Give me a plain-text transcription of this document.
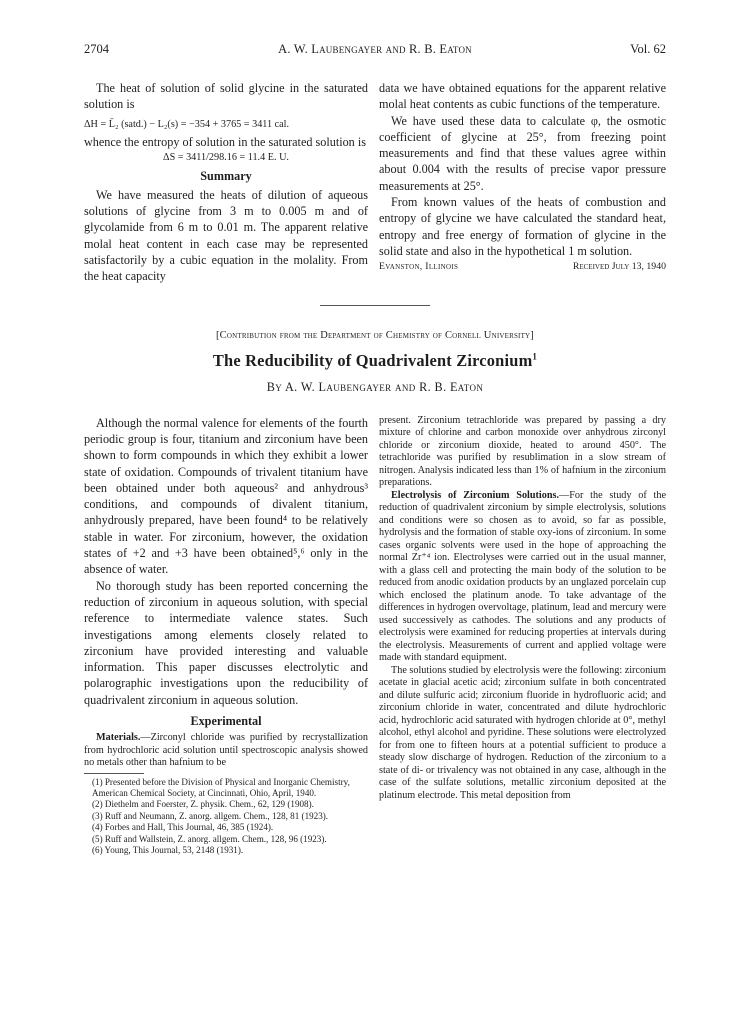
2704	A. W. Laubengayer and R. B. Eaton	Vol. 62

The heat of solution of solid glycine in the saturated solution is

ΔH = L̄₂ (satd.) − L₂(s) = −354 + 3765 = 3411 cal.

whence the entropy of solution in the saturated solution is

ΔS = 3411/298.16 = 11.4 E. U.
Summary

We have measured the heats of dilution of aqueous solutions of glycine from 3 m to 0.005 m and of glycolamide from 6 m to 0.01 m. The apparent relative molal heat content in each case may be represented satisfactorily by a cubic equation in the molality. From the heat capacity

data we have obtained equations for the apparent relative molal heat contents as cubic functions of the temperature.

We have used these data to calculate φ, the osmotic coefficient of glycine at 25°, from freezing point measurements and find that these values agree within about 0.004 with the results of precise vapor pressure measurements at 25°.

From known values of the heats of combustion and entropy of glycine we have calculated the standard heat, entropy and free energy of formation of glycine in the solid state and also in the hypothetical 1 m solution.

Evanston, Illinois	Received July 13, 1940
[Contribution from the Department of Chemistry of Cornell University]
The Reducibility of Quadrivalent Zirconium$^1$
By A. W. Laubengayer and R. B. Eaton

Although the normal valence for elements of the fourth periodic group is four, titanium and zirconium have been shown to form compounds in which they exhibit a lower state of oxidation. Compounds of trivalent titanium have been obtained under both aqueous² and anhydrous³ conditions, and compounds of divalent titanium, anhydrously prepared, have been found⁴ to be relatively stable in water. For zirconium, however, the oxidation states of +2 and +3 have been obtained⁵,⁶ only in the absence of water.

No thorough study has been reported concerning the reduction of zirconium in aqueous solution, with special reference to intermediate valence states. Such investigations among elements closely related to zirconium have provided interesting and valuable information. This paper discusses electrolytic and polarographic investigations upon the reducibility of quadrivalent zirconium in aqueous solution.

Experimental

Materials.—Zirconyl chloride was purified by recrystallization from hydrochloric acid solution until spectroscopic analysis showed no metals other than hafnium to be

(1) Presented before the Division of Physical and Inorganic Chemistry, American Chemical Society, at Cincinnati, Ohio, April, 1940.
(2) Diethelm and Foerster, Z. physik. Chem., 62, 129 (1908).
(3) Ruff and Neumann, Z. anorg. allgem. Chem., 128, 81 (1923).
(4) Forbes and Hall, This Journal, 46, 385 (1924).
(5) Ruff and Wallstein, Z. anorg. allgem. Chem., 128, 96 (1923).
(6) Young, This Journal, 53, 2148 (1931).

present. Zirconium tetrachloride was prepared by passing a dry mixture of chlorine and carbon monoxide over anhydrous zirconyl chloride or zirconium dioxide, heated to around 450°. The tetrachloride was purified by resublimation in a slow stream of nitrogen. Analysis indicated less than 1% of hafnium in the zirconium preparations.

Electrolysis of Zirconium Solutions.—For the study of the reduction of quadrivalent zirconium by simple electrolysis, solutions and conditions were so chosen as to avoid, so far as possible, hydrolysis and the formation of stable oxy-ions of zirconium. In some cases organic solvents were used in the hope of approaching the normal Zr⁺⁴ ion. Electrolyses were carried out in the usual manner, with a glass cell and protecting the main body of the solution to be reduced from anodic oxidation products by an unglazed porcelain cup which enclosed the platinum anode. To take advantage of the differences in hydrogen overvoltage, platinum, lead and mercury were used successively as cathodes. The solutions and any products of electrolysis were examined for reducing properties at intervals during the electrolysis. Measurements of current and applied voltage were made with standard equipment.

The solutions studied by electrolysis were the following: zirconium acetate in glacial acetic acid; zirconium sulfate in both concentrated and dilute sulfuric acid; zirconium fluoride in hydrofluoric acid; and zirconium chloride in water, concentrated and dilute hydrochloric acid, hydrochloric acid saturated with hydrogen chloride at 0°, methyl alcohol, ethyl alcohol and pyridine. These solutions were electrolyzed for from one to fifteen hours at a potential sufficient to produce a steady slow discharge of hydrogen. Reduction of the zirconium to a state of di- or trivalency was not obtained in any case, although in the case of the sulfate solutions, metallic zirconium deposited at the platinum electrode. This metal deposition from
